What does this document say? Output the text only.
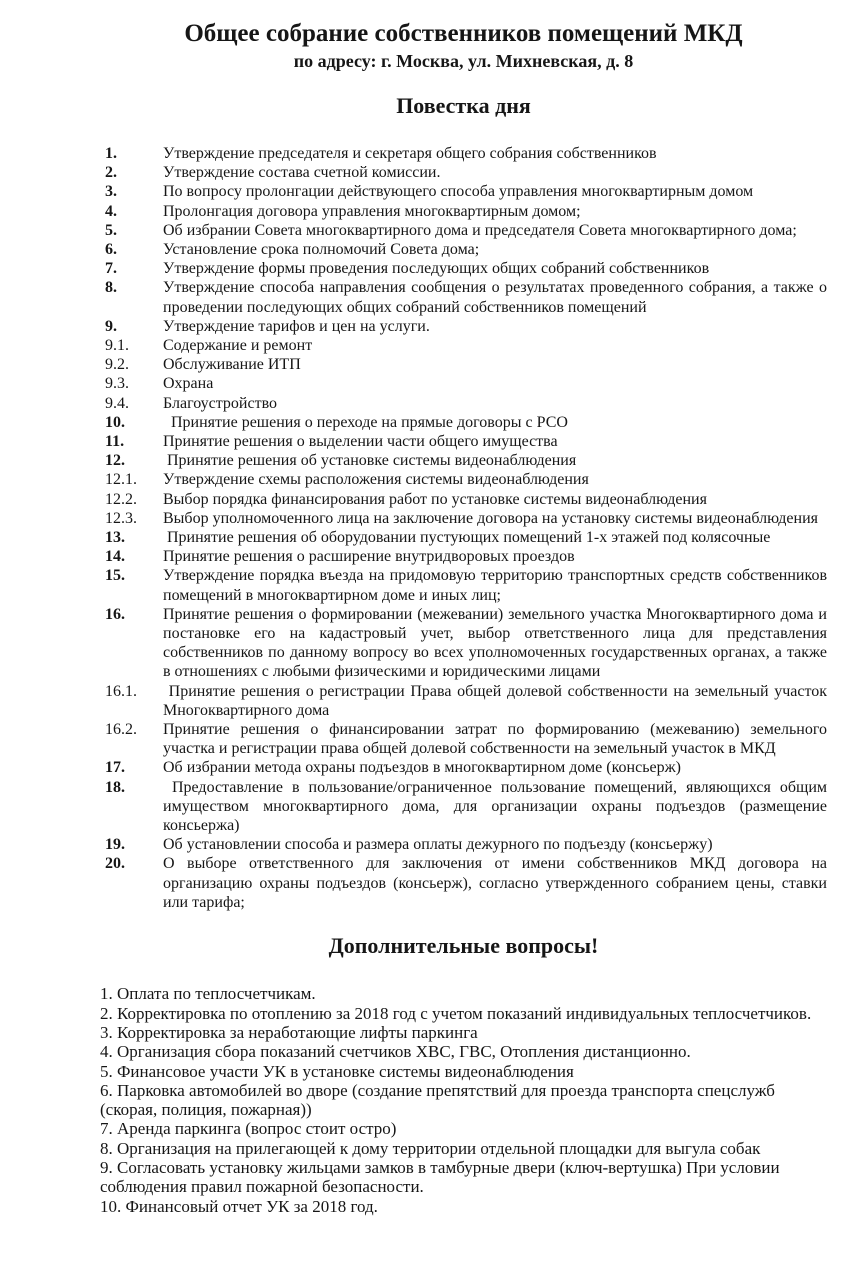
Общее собрание собственников помещений МКД
по адресу: г. Москва, ул. Михневская, д. 8
Повестка дня
1.	Утверждение председателя и секретаря общего собрания собственников
2.	Утверждение состава счетной комиссии.
3.	По вопросу пролонгации действующего способа управления многоквартирным домом
4.	Пролонгация договора управления многоквартирным домом;
5.	Об избрании Совета многоквартирного дома и председателя Совета многоквартирного дома;
6.	Установление срока полномочий Совета дома;
7.	Утверждение формы проведения последующих общих собраний собственников
8.	Утверждение способа направления сообщения о результатах проведенного собрания, а также о проведении последующих общих собраний собственников помещений
9.	Утверждение тарифов и цен на услуги.
9.1.	Содержание и ремонт
9.2.	Обслуживание ИТП
9.3.	Охрана
9.4.	Благоустройство
10.	Принятие решения о переходе на прямые договоры с РСО
11.	Принятие решения о выделении части общего имущества
12.	Принятие решения об установке системы видеонаблюдения
12.1.	Утверждение схемы расположения системы видеонаблюдения
12.2.	Выбор порядка финансирования работ по установке системы видеонаблюдения
12.3.	Выбор уполномоченного лица на заключение договора на установку системы видеонаблюдения
13.	Принятие решения об оборудовании пустующих помещений 1-х этажей под колясочные
14.	Принятие решения о расширение внутридворовых проездов
15.	Утверждение порядка въезда на придомовую территорию транспортных средств собственников помещений в многоквартирном доме и иных лиц;
16.	Принятие решения о формировании (межевании) земельного участка Многоквартирного дома и постановке его на кадастровый учет, выбор ответственного лица для представления собственников по данному вопросу во всех уполномоченных государственных органах, а также в отношениях с любыми физическими и юридическими лицами
16.1.	Принятие решения о регистрации Права общей долевой собственности на земельный участок Многоквартирного дома
16.2.	Принятие решения о финансировании затрат по формированию (межеванию) земельного участка и регистрации права общей долевой собственности на земельный участок в МКД
17.	Об избрании метода охраны подъездов в многоквартирном доме (консьерж)
18.	Предоставление в пользование/ограниченное пользование помещений, являющихся общим имуществом многоквартирного дома, для организации охраны подъездов (размещение консьержа)
19.	Об установлении способа и размера оплаты дежурного по подъезду (консьержу)
20.	О выборе ответственного для заключения от имени собственников МКД договора на организацию охраны подъездов (консьерж), согласно утвержденного собранием цены, ставки или тарифа;
Дополнительные вопросы!

1. Оплата по теплосчетчикам.

2. Корректировка по отоплению за 2018 год с учетом показаний индивидуальных теплосчетчиков.

3. Корректировка за неработающие лифты паркинга

4. Организация сбора показаний счетчиков ХВС, ГВС, Отопления дистанционно.

5. Финансовое участи УК в установке системы видеонаблюдения

6. Парковка автомобилей во дворе (создание препятствий для проезда транспорта спецслужб (скорая, полиция, пожарная))

7. Аренда паркинга (вопрос стоит остро)

8. Организация на прилегающей к дому территории отдельной площадки для выгула собак

9. Согласовать установку жильцами замков в тамбурные двери (ключ-вертушка) При условии соблюдения правил пожарной безопасности.

10. Финансовый отчет УК за 2018 год.
